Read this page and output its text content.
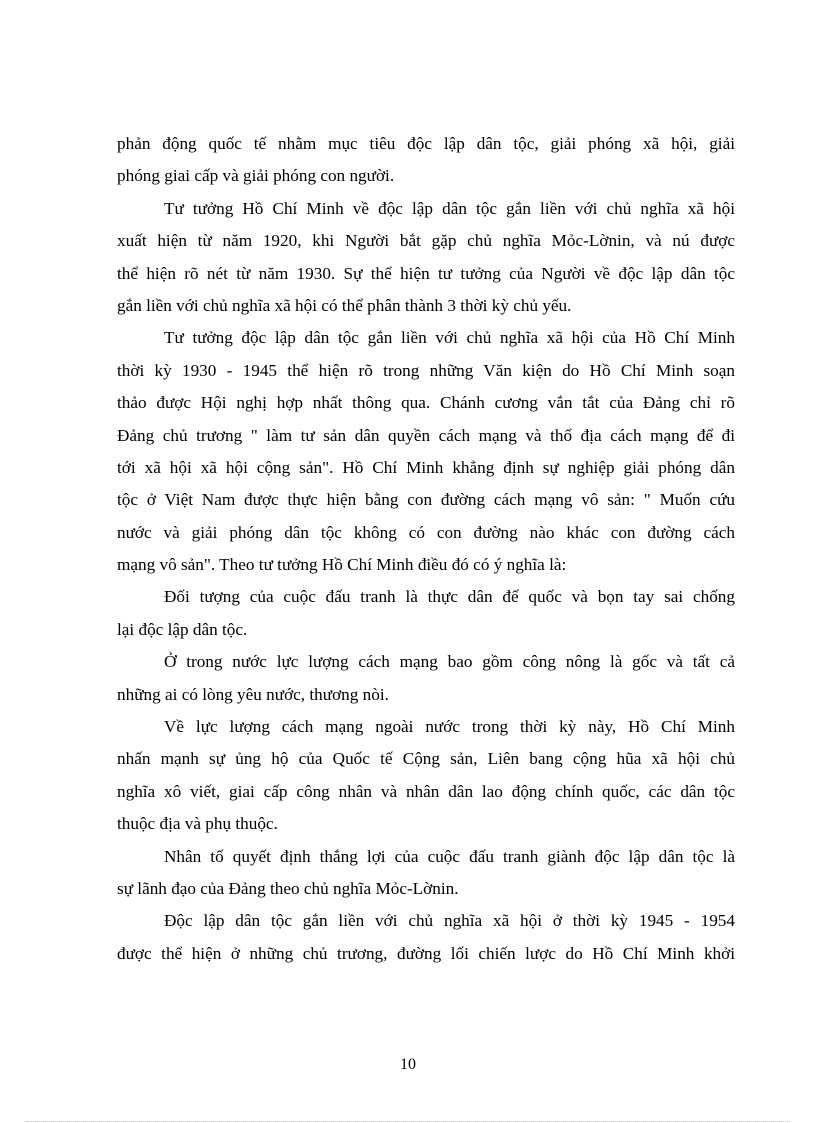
phản động quốc tế nhằm mục tiêu độc lập dân tộc, giải phóng xã hội, giải
phóng giai cấp và giải phóng con người.
Tư tưởng Hồ Chí Minh về độc lập dân tộc gắn liền với chủ nghĩa xã hội
xuất hiện từ năm 1920, khi Người bắt gặp chủ nghĩa Mỏc-Lờnin, và nú được
thể hiện rõ nét từ năm 1930. Sự thể hiện tư tưởng của Người về độc lập dân tộc
gắn liền với chủ nghĩa xã hội có thể phân thành 3 thời kỳ chủ yếu.
Tư tưởng độc lập dân tộc gắn liền với chủ nghĩa xã hội của Hồ Chí Minh
thời kỳ 1930 - 1945 thể hiện rõ trong những Văn kiện do Hồ Chí Minh soạn
thảo được Hội nghị hợp nhất thông qua. Chánh cương vắn tắt của Đảng chỉ rõ
Đảng chủ trương " làm tư sản dân quyền cách mạng và thổ địa cách mạng để đi
tới xã hội xã hội cộng sản". Hồ Chí Minh khẳng định sự nghiệp giải phóng dân
tộc ở Việt Nam được thực hiện bằng con đường cách mạng vô sản: " Muốn cứu
nước và giải phóng dân tộc không có con đường nào khác con đường cách
mạng vô sản". Theo tư tưởng Hồ Chí Minh điều đó có ý nghĩa là:
Đối tượng của cuộc đấu tranh là thực dân đế quốc và bọn tay sai chống
lại độc lập dân tộc.
Ở trong nước lực lượng cách mạng bao gồm công nông là gốc và tất cả
những ai có lòng yêu nước, thương nòi.
Về lực lượng cách mạng ngoài nước trong thời kỳ này, Hồ Chí Minh
nhấn mạnh sự ủng hộ của Quốc tế Cộng sản, Liên bang cộng hũa xã hội chủ
nghĩa xô viết, giai cấp công nhân và nhân dân lao động chính quốc, các dân tộc
thuộc địa và phụ thuộc.
Nhân tố quyết định thắng lợi của cuộc đấu tranh giành độc lập dân tộc là
sự lãnh đạo của Đảng theo chủ nghĩa Mỏc-Lờnin.
Độc lập dân tộc gắn liền với chủ nghĩa xã hội ở thời kỳ 1945 - 1954
được thể hiện ở những chủ trương, đường lối chiến lược do Hồ Chí Minh khởi
10
